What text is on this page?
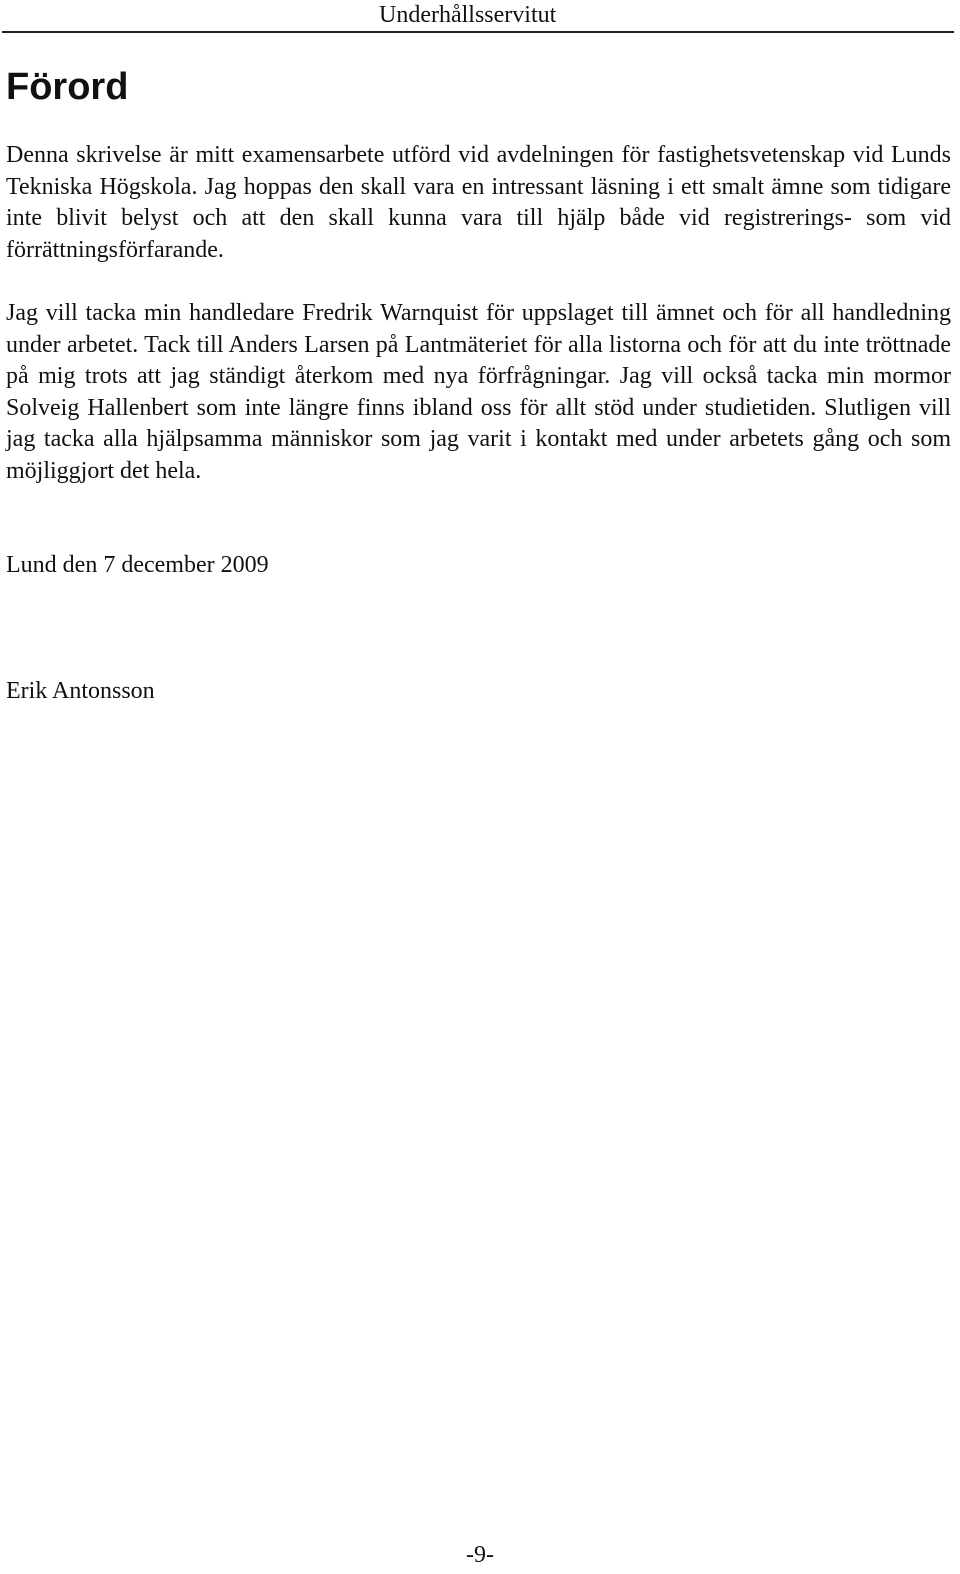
Underhållsservitut
Förord

Denna skrivelse är mitt examensarbete utförd vid avdelningen för fastighetsvetenskap vid Lunds Tekniska Högskola. Jag hoppas den skall vara en intressant läsning i ett smalt ämne som tidigare inte blivit belyst och att den skall kunna vara till hjälp både vid registrerings- som vid förrättningsförfarande.

Jag vill tacka min handledare Fredrik Warnquist för uppslaget till ämnet och för all handledning under arbetet. Tack till Anders Larsen på Lantmäteriet för alla listorna och för att du inte tröttnade på mig trots att jag ständigt återkom med nya förfrågningar. Jag vill också tacka min mormor Solveig Hallenbert som inte längre finns ibland oss för allt stöd under studietiden. Slutligen vill jag tacka alla hjälpsamma människor som jag varit i kontakt med under arbetets gång och som möjliggjort det hela.

Lund den 7 december 2009

Erik Antonsson

-9-
